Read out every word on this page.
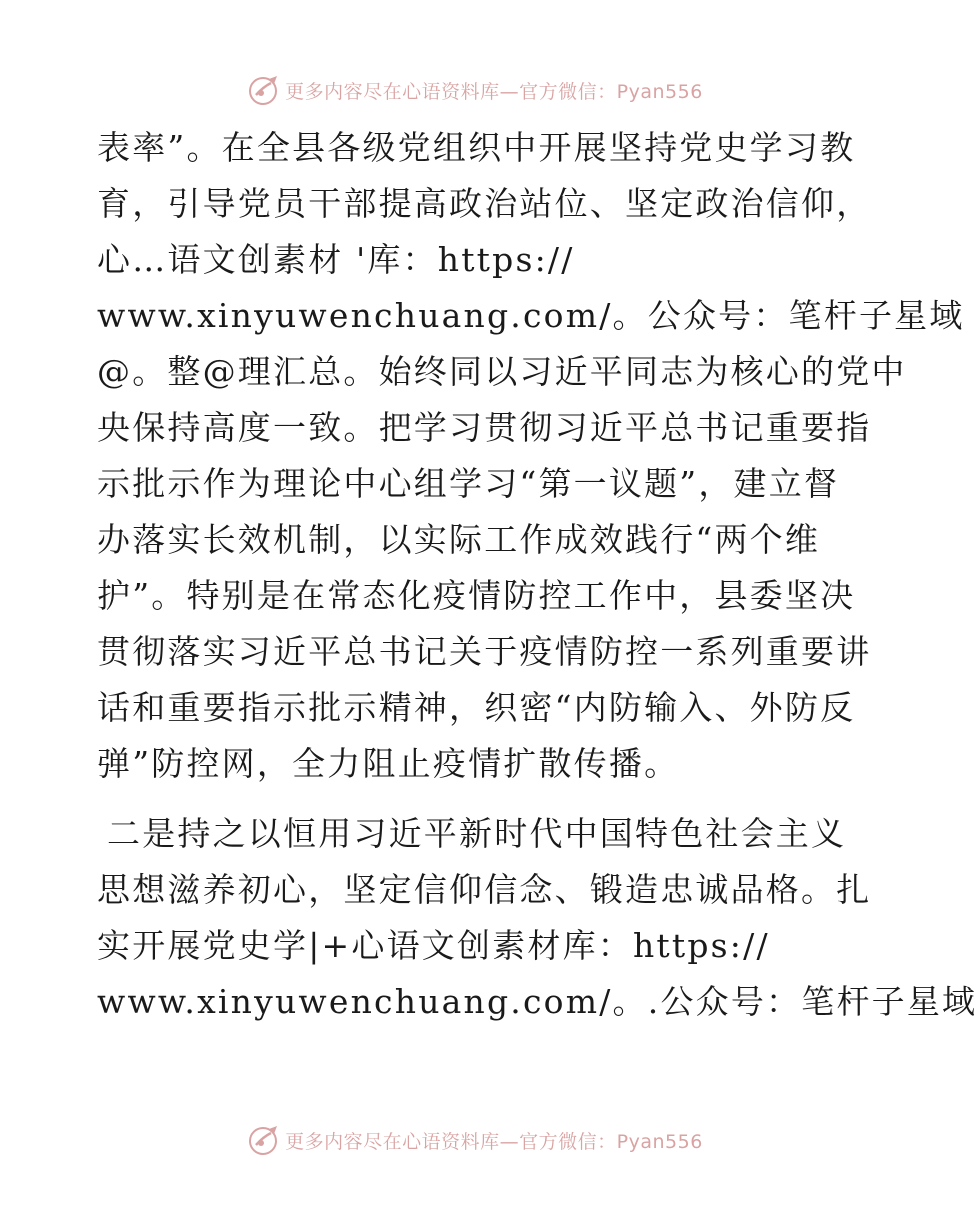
更多内容尽在心语资料库—官方微信：Pyan556
表率”。在全县各级党组织中开展坚持党史学习教
育，引导党员干部提高政治站位、坚定政治信仰，
心…语文创素材 '库：https://
www.xinyuwenchuang.com/。公众号：笔杆子星域
@。整@理汇总。始终同以习近平同志为核心的党中
央保持高度一致。把学习贯彻习近平总书记重要指
示批示作为理论中心组学习“第一议题”，建立督
办落实长效机制，以实际工作成效践行“两个维
护”。特别是在常态化疫情防控工作中，县委坚决
贯彻落实习近平总书记关于疫情防控一系列重要讲
话和重要指示批示精神，织密“内防输入、外防反
弹”防控网，全力阻止疫情扩散传播。
二是持之以恒用习近平新时代中国特色社会主义
思想滋养初心，坚定信仰信念、锻造忠诚品格。扎
实开展党史学|+心语文创素材库：https://
www.xinyuwenchuang.com/。.公众号：笔杆子星域
更多内容尽在心语资料库—官方微信：Pyan556
